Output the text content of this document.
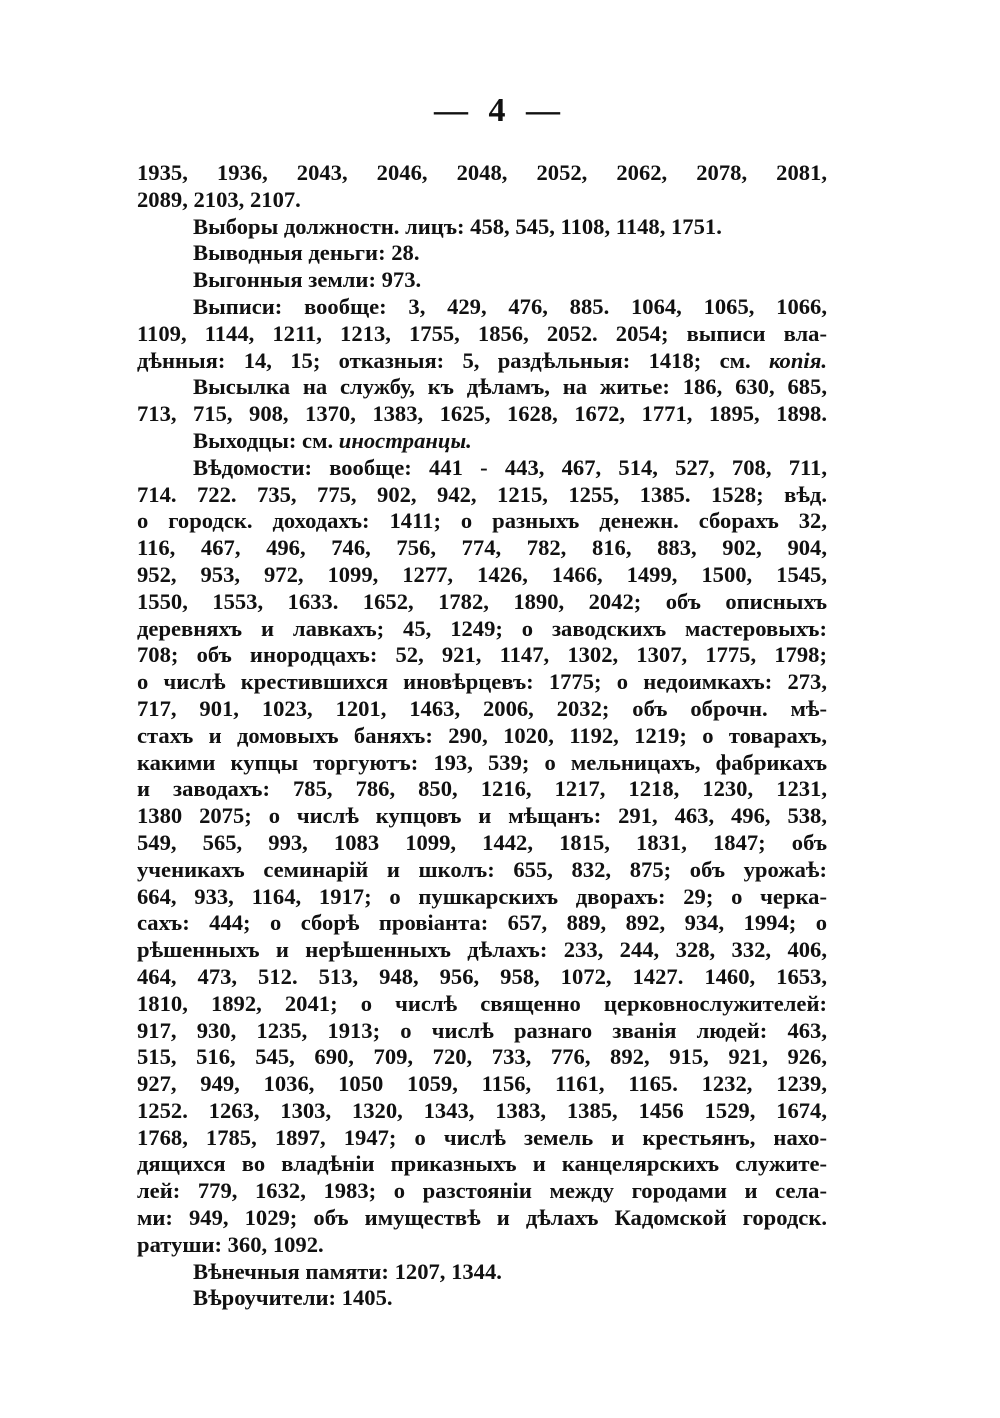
— 4 —
1935, 1936, 2043, 2046, 2048, 2052, 2062, 2078, 2081,
2089, 2103, 2107.
Выборы должностн. лицъ: 458, 545, 1108, 1148, 1751.
Выводныя деньги: 28.
Выгонныя земли: 973.
Выписи: вообще: 3, 429, 476, 885. 1064, 1065, 1066,
1109, 1144, 1211, 1213, 1755, 1856, 2052. 2054; выписи вла-
дѣнныя: 14, 15; отказныя: 5, раздѣльныя: 1418; см. копія.
Высылка на службу, къ дѣламъ, на житье: 186, 630, 685,
713, 715, 908, 1370, 1383, 1625, 1628, 1672, 1771, 1895, 1898.
Выходцы: см. иностранцы.
Вѣдомости: вообще: 441 - 443, 467, 514, 527, 708, 711,
714. 722. 735, 775, 902, 942, 1215, 1255, 1385. 1528; вѣд.
о городск. доходахъ: 1411; о разныхъ денежн. сборахъ 32,
116, 467, 496, 746, 756, 774, 782, 816, 883, 902, 904,
952, 953, 972, 1099, 1277, 1426, 1466, 1499, 1500, 1545,
1550, 1553, 1633. 1652, 1782, 1890, 2042; объ описныхъ
деревняхъ и лавкахъ; 45, 1249; о заводскихъ мастеровыхъ:
708; объ инородцахъ: 52, 921, 1147, 1302, 1307, 1775, 1798;
о числѣ крестившихся иновѣрцевъ: 1775; о недоимкахъ: 273,
717, 901, 1023, 1201, 1463, 2006, 2032; объ оброчн. мѣ-
стахъ и домовыхъ баняхъ: 290, 1020, 1192, 1219; о товарахъ,
какими купцы торгуютъ: 193, 539; о мельницахъ, фабрикахъ
и заводахъ: 785, 786, 850, 1216, 1217, 1218, 1230, 1231,
1380 2075; о числѣ купцовъ и мѣщанъ: 291, 463, 496, 538,
549, 565, 993, 1083 1099, 1442, 1815, 1831, 1847; объ
ученикахъ семинарій и школъ: 655, 832, 875; объ урожаѣ:
664, 933, 1164, 1917; о пушкарскихъ дворахъ: 29; о черка-
сахъ: 444; о сборѣ провіанта: 657, 889, 892, 934, 1994; о
рѣшенныхъ и нерѣшенныхъ дѣлахъ: 233, 244, 328, 332, 406,
464, 473, 512. 513, 948, 956, 958, 1072, 1427. 1460, 1653,
1810, 1892, 2041; о числѣ священно церковнослужителей:
917, 930, 1235, 1913; о числѣ разнаго званія людей: 463,
515, 516, 545, 690, 709, 720, 733, 776, 892, 915, 921, 926,
927, 949, 1036, 1050 1059, 1156, 1161, 1165. 1232, 1239,
1252. 1263, 1303, 1320, 1343, 1383, 1385, 1456 1529, 1674,
1768, 1785, 1897, 1947; о числѣ земель и крестьянъ, нахо-
дящихся во владѣніи приказныхъ и канцелярскихъ служите-
лей: 779, 1632, 1983; о разстояніи между городами и села-
ми: 949, 1029; объ имуществѣ и дѣлахъ Кадомской городск.
ратуши: 360, 1092.
Вѣнечныя памяти: 1207, 1344.
Вѣроучители: 1405.
